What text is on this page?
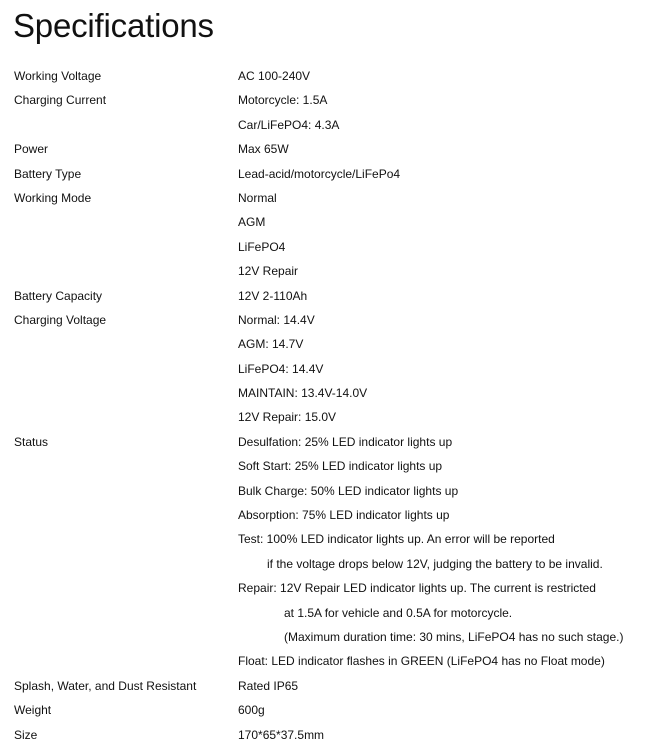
Specifications
Working Voltage	AC 100-240V
Charging Current	Motorcycle: 1.5A
Car/LiFePO4: 4.3A
Power	Max 65W
Battery Type	Lead-acid/motorcycle/LiFePo4
Working Mode	Normal
AGM
LiFePO4
12V Repair
Battery Capacity	12V 2-110Ah
Charging Voltage	Normal: 14.4V
AGM: 14.7V
LiFePO4: 14.4V
MAINTAIN: 13.4V-14.0V
12V Repair: 15.0V
Status	Desulfation: 25% LED indicator lights up
Soft Start: 25% LED indicator lights up
Bulk Charge: 50% LED indicator lights up
Absorption: 75% LED indicator lights up
Test: 100% LED indicator lights up. An error will be reported
if the voltage drops below 12V, judging the battery to be invalid.
Repair: 12V Repair LED indicator lights up. The current is restricted
at 1.5A for vehicle and 0.5A for motorcycle.
(Maximum duration time: 30 mins, LiFePO4 has no such stage.)
Float: LED indicator flashes in GREEN (LiFePO4 has no Float mode)
Splash, Water, and Dust Resistant	Rated IP65
Weight	600g
Size	170*65*37.5mm
